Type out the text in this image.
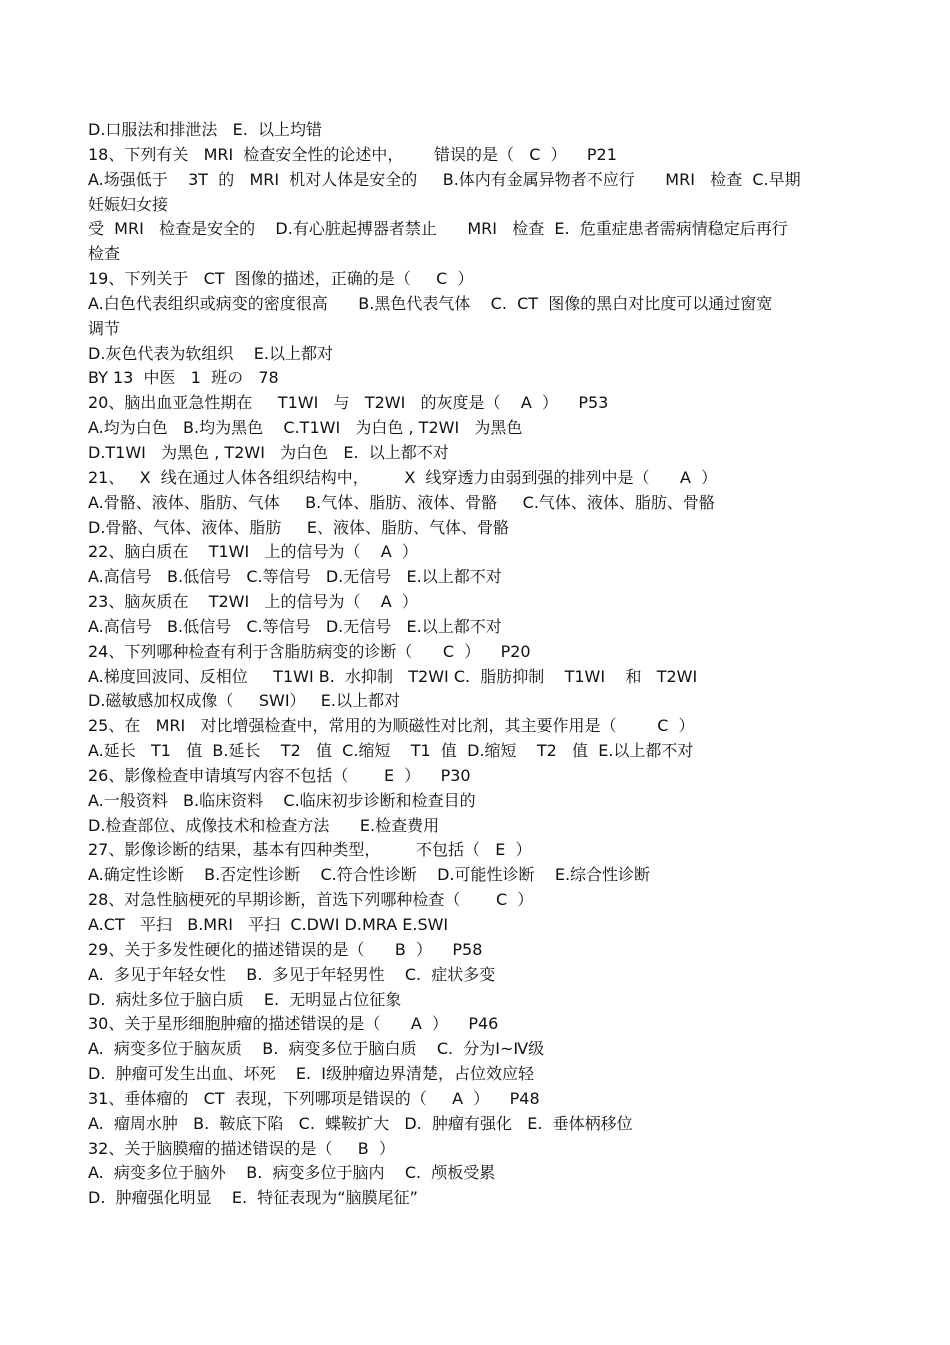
D.口服法和排泄法   E.  以上均错
18、下列有关   MRI  检查安全性的论述中，      错误的是（   C  ）    P21
A.场强低于    3T  的   MRI  机对人体是安全的     B.体内有金属异物者不应行      MRI   检查  C.早期
妊娠妇女接
受  MRI   检查是安全的    D.有心脏起搏器者禁止      MRI   检查  E.  危重症患者需病情稳定后再行
检查
19、下列关于   CT  图像的描述，正确的是（     C  ）
A.白色代表组织或病变的密度很高      B.黑色代表气体    C.  CT  图像的黑白对比度可以通过窗宽
调节
D.灰色代表为软组织    E.以上都对
BY 13  中医   1  班の   78
20、脑出血亚急性期在     T1WI   与   T2WI   的灰度是（    A  ）    P53
A.均为白色   B.均为黑色    C.T1WI   为白色 , T2WI   为黑色
D.T1WI   为黑色 , T2WI   为白色   E.  以上都不对
21、   X  线在通过人体各组织结构中，       X  线穿透力由弱到强的排列中是（      A  ）
A.骨骼、液体、脂肪、气体     B.气体、脂肪、液体、骨骼     C.气体、液体、脂肪、骨骼
D.骨骼、气体、液体、脂肪     E、液体、脂肪、气体、骨骼
22、脑白质在    T1WI   上的信号为（    A  ）
A.高信号   B.低信号   C.等信号   D.无信号   E.以上都不对
23、脑灰质在    T2WI   上的信号为（    A  ）
A.高信号   B.低信号   C.等信号   D.无信号   E.以上都不对
24、下列哪种检查有利于含脂肪病变的诊断（      C  ）    P20
A.梯度回波同、反相位     T1WI B.  水抑制   T2WI C.  脂肪抑制    T1WI    和   T2WI
D.磁敏感加权成像（     SWI）   E.以上都对
25、在   MRI   对比增强检查中，常用的为顺磁性对比剂，其主要作用是（        C  ）
A.延长   T1   值  B.延长    T2   值  C.缩短    T1  值  D.缩短    T2   值  E.以上都不对
26、影像检查申请填写内容不包括（       E  ）    P30
A.一般资料   B.临床资料    C.临床初步诊断和检查目的
D.检查部位、成像技术和检查方法      E.检查费用
27、影像诊断的结果，基本有四种类型，       不包括（   E  ）
A.确定性诊断    B.否定性诊断    C.符合性诊断    D.可能性诊断    E.综合性诊断
28、对急性脑梗死的早期诊断，首选下列哪种检查（       C  ）
A.CT   平扫   B.MRI   平扫  C.DWI D.MRA E.SWI
29、关于多发性硬化的描述错误的是（      B  ）    P58
A.  多见于年轻女性    B.  多见于年轻男性    C.  症状多变
D.  病灶多位于脑白质    E.  无明显占位征象
30、关于星形细胞肿瘤的描述错误的是（      A  ）    P46
A.  病变多位于脑灰质    B.  病变多位于脑白质    C.  分为Ⅰ~Ⅳ级
D.  肿瘤可发生出血、坏死    E.  Ⅰ级肿瘤边界清楚，占位效应轻
31、垂体瘤的   CT  表现，下列哪项是错误的（     A  ）    P48
A.  瘤周水肿   B.  鞍底下陷   C.  蝶鞍扩大   D.  肿瘤有强化   E.  垂体柄移位
32、关于脑膜瘤的描述错误的是（     B  ）
A.  病变多位于脑外    B.  病变多位于脑内    C.  颅板受累
D.  肿瘤强化明显    E.  特征表现为“脑膜尾征”
